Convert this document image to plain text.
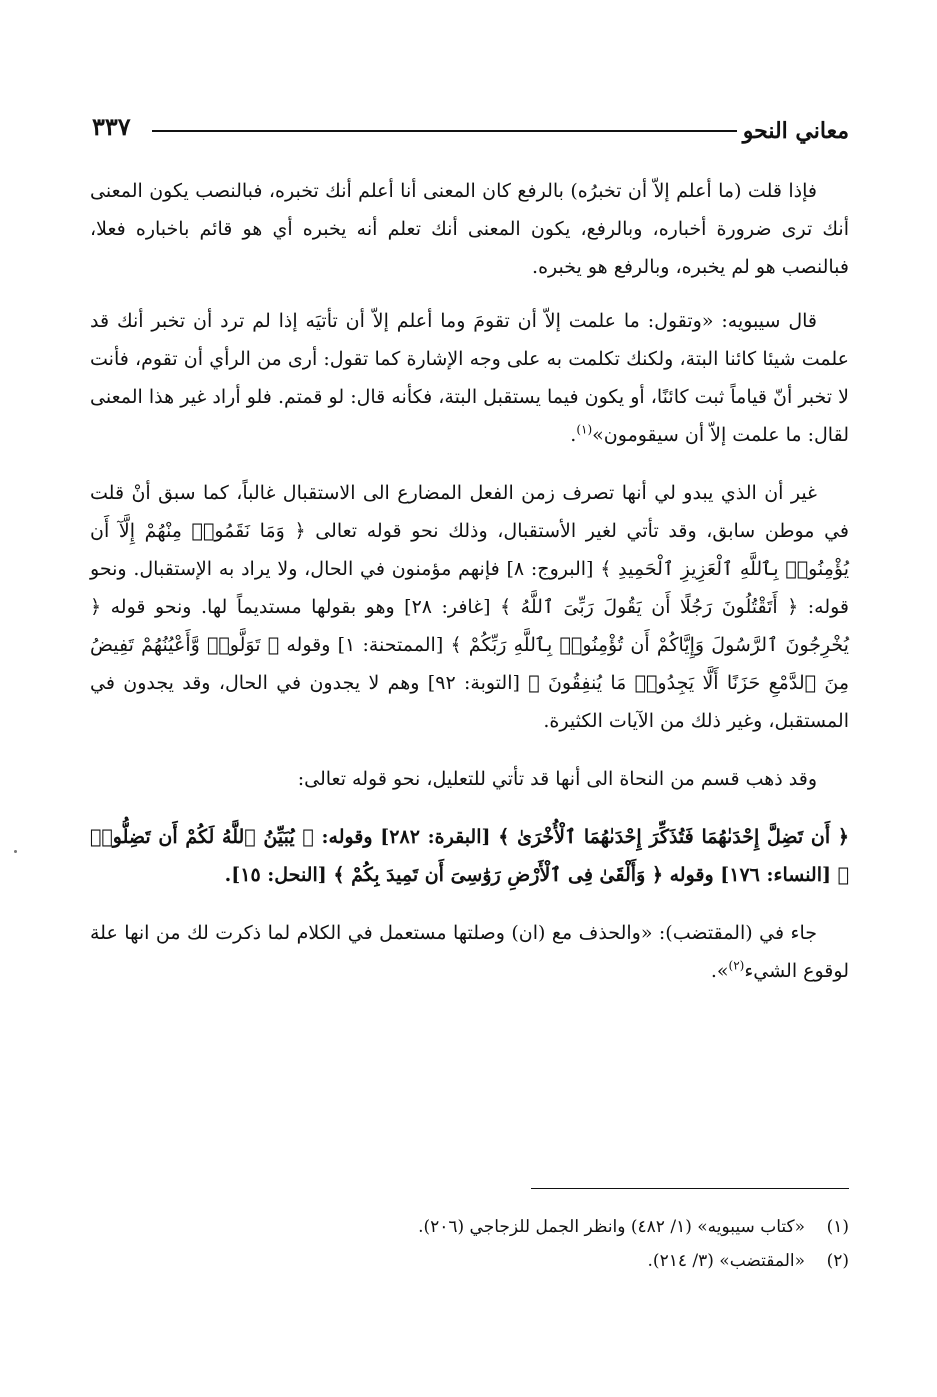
معاني النحو
٣٣٧

فإذا قلت (ما أعلم إلاّ أن تخبرُه) بالرفع كان المعنى أنا أعلم أنك تخبره، فبالنصب يكون المعنى أنك ترى ضرورة أخباره، وبالرفع، يكون المعنى أنك تعلم أنه يخبره أي هو قائم باخباره فعلا، فبالنصب هو لم يخبره، وبالرفع هو يخبره.

قال سيبويه: «وتقول: ما علمت إلاّ أن تقومَ وما أعلم إلاّ أن تأتيَه إذا لم ترد أن تخبر أنك قد علمت شيئا كائنا البتة، ولكنك تكلمت به على وجه الإشارة كما تقول: أرى من الرأي أن تقوم، فأنت لا تخبر أنّ قياماً ثبت كائنًا، أو يكون فيما يستقبل البتة، فكأنه قال: لو قمتم. فلو أراد غير هذا المعنى لقال: ما علمت إلاّ أن سيقومون»$^{(١)}$.

غير أن الذي يبدو لي أنها تصرف زمن الفعل المضارع الى الاستقبال غالباً، كما سبق أنْ قلت في موطن سابق، وقد تأتي لغير الأستقبال، وذلك نحو قوله تعالى ﴿ وَمَا نَقَمُوا۟ مِنْهُمْ إِلَّآ أَن يُؤْمِنُوا۟ بِٱللَّهِ ٱلْعَزِيزِ ٱلْحَمِيدِ ﴾ [البروج: ٨] فإنهم مؤمنون في الحال، ولا يراد به الإستقبال. ونحو قوله: ﴿ أَتَقْتُلُونَ رَجُلًا أَن يَقُولَ رَبِّىَ ٱللَّهُ ﴾ [غافر: ٢٨] وهو بقولها مستديماً لها. ونحو قوله ﴿ يُخْرِجُونَ ٱلرَّسُولَ وَإِيَّاكُمْ أَن تُؤْمِنُوا۟ بِٱللَّهِ رَبِّكُمْ ﴾ [الممتحنة: ١] وقوله ﴿ تَوَلَّوا۟ وَّأَعْيُنُهُمْ تَفِيضُ مِنَ ٱلدَّمْعِ حَزَنًا أَلَّا يَجِدُوا۟ مَا يُنفِقُونَ ﴾ [التوبة: ٩٢] وهم لا يجدون في الحال، وقد يجدون في المستقبل، وغير ذلك من الآيات الكثيرة.

وقد ذهب قسم من النحاة الى أنها قد تأتي للتعليل، نحو قوله تعالى:

﴿ أَن تَضِلَّ إِحْدَىٰهُمَا فَتُذَكِّرَ إِحْدَىٰهُمَا ٱلْأُخْرَىٰ ﴾ [البقرة: ٢٨٢] وقوله: ﴿ يُبَيِّنُ ٱللَّهُ لَكُمْ أَن تَضِلُّوا۟ ﴾ [النساء: ١٧٦] وقوله ﴿ وَأَلْقَىٰ فِى ٱلْأَرْضِ رَوَٰسِىَ أَن تَمِيدَ بِكُمْ ﴾ [النحل: ١٥].

جاء في (المقتضب): «والحذف مع (ان) وصلتها مستعمل في الكلام لما ذكرت لك من انها علة لوقوع الشيء$^{(٢)}$».

(١)«كتاب سيبويه» (١/ ٤٨٢) وانظر الجمل للزجاجي (٢٠٦).
(٢)«المقتضب» (٣/ ٢١٤).
